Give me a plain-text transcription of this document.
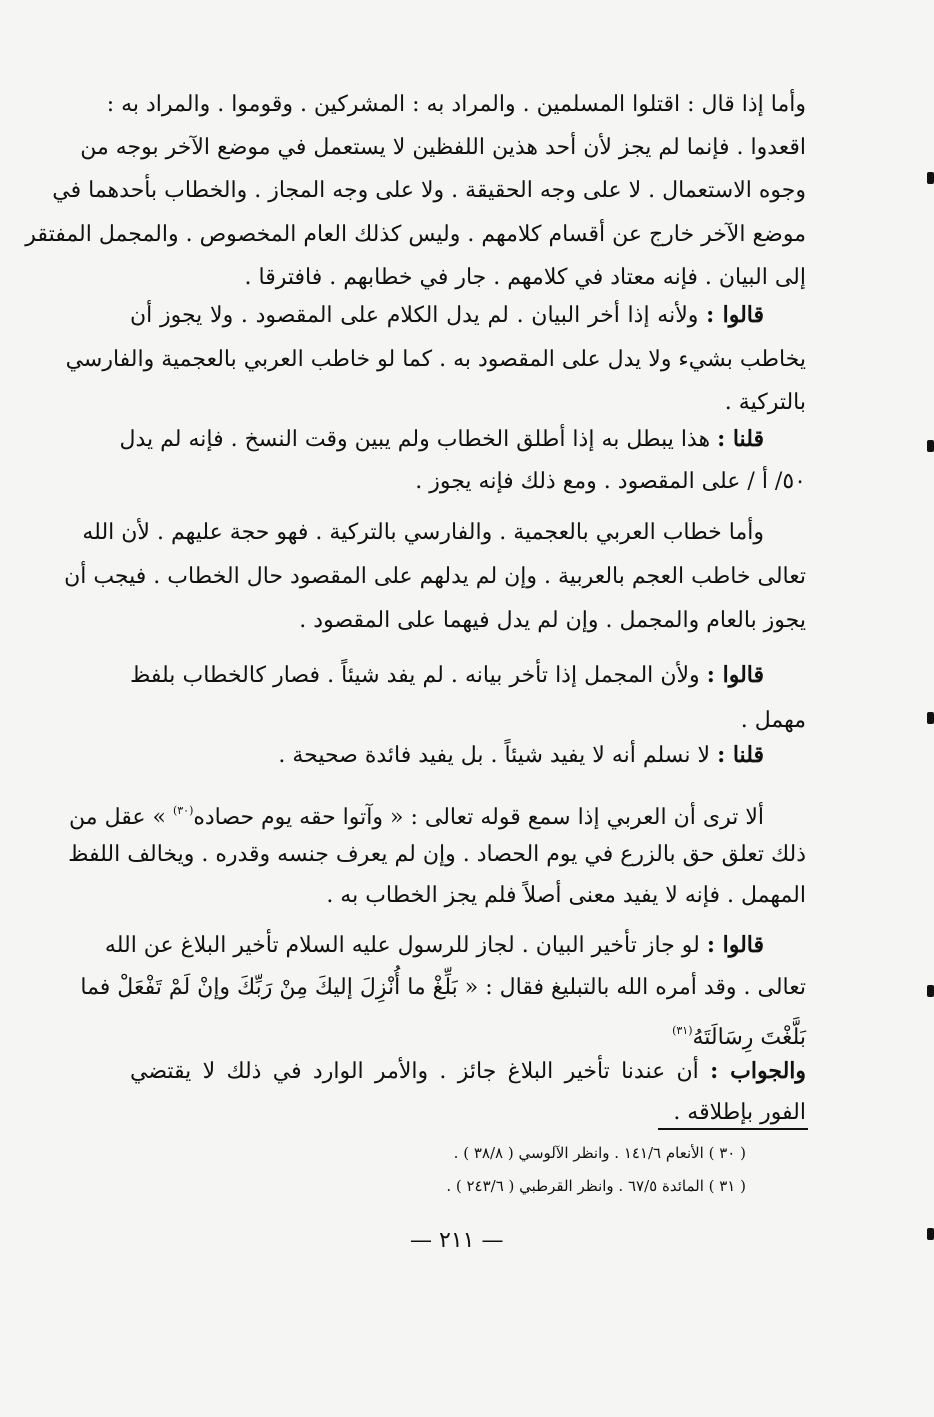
وأما إذا قال : اقتلوا المسلمين . والمراد به : المشركين . وقوموا . والمراد به :
اقعدوا . فإنما لم يجز لأن أحد هذين اللفظين لا يستعمل في موضع الآخر بوجه من
وجوه الاستعمال . لا على وجه الحقيقة . ولا على وجه المجاز . والخطاب بأحدهما في
موضع الآخر خارج عن أقسام كلامهم . وليس كذلك العام المخصوص . والمجمل المفتقر
إلى البيان . فإنه معتاد في كلامهم . جار في خطابهم . فافترقا .
قالوا : ولأنه إذا أخر البيان . لم يدل الكلام على المقصود . ولا يجوز أن
يخاطب بشيء ولا يدل على المقصود به . كما لو خاطب العربي بالعجمية والفارسي
بالتركية .
قلنا : هذا يبطل به إذا أطلق الخطاب ولم يبين وقت النسخ . فإنه لم يدل
٥٠/ أ / على المقصود . ومع ذلك فإنه يجوز .
وأما خطاب العربي بالعجمية . والفارسي بالتركية . فهو حجة عليهم . لأن الله
تعالى خاطب العجم بالعربية . وإن لم يدلهم على المقصود حال الخطاب . فيجب أن
يجوز بالعام والمجمل . وإن لم يدل فيهما على المقصود .
قالوا : ولأن المجمل إذا تأخر بيانه . لم يفد شيئاً . فصار كالخطاب بلفظ
مهمل .
قلنا : لا نسلم أنه لا يفيد شيئاً . بل يفيد فائدة صحيحة .
ألا ترى أن العربي إذا سمع قوله تعالى : « وآتوا حقه يوم حصاده$^{(٣٠)}$ » عقل من
ذلك تعلق حق بالزرع في يوم الحصاد . وإن لم يعرف جنسه وقدره . ويخالف اللفظ
المهمل . فإنه لا يفيد معنى أصلاً فلم يجز الخطاب به .
قالوا : لو جاز تأخير البيان . لجاز للرسول عليه السلام تأخير البلاغ عن الله
تعالى . وقد أمره الله بالتبليغ فقال : « بَلِّغْ ما أُنْزِلَ إليكَ مِنْ رَبِّكَ وإنْ لَمْ تَفْعَلْ فما
بَلَّغْتَ رِسَالَتَهُ$^{(٣١)}$
والجواب : أن عندنا تأخير البلاغ جائز . والأمر الوارد في ذلك لا يقتضي
الفور بإطلاقه .
( ٣٠ ) الأنعام ١٤١/٦ . وانظر الآلوسي ( ٣٨/٨ ) .
( ٣١ ) المائدة ٦٧/٥ . وانظر القرطبي ( ٢٤٣/٦ ) .
— ٢١١ —
